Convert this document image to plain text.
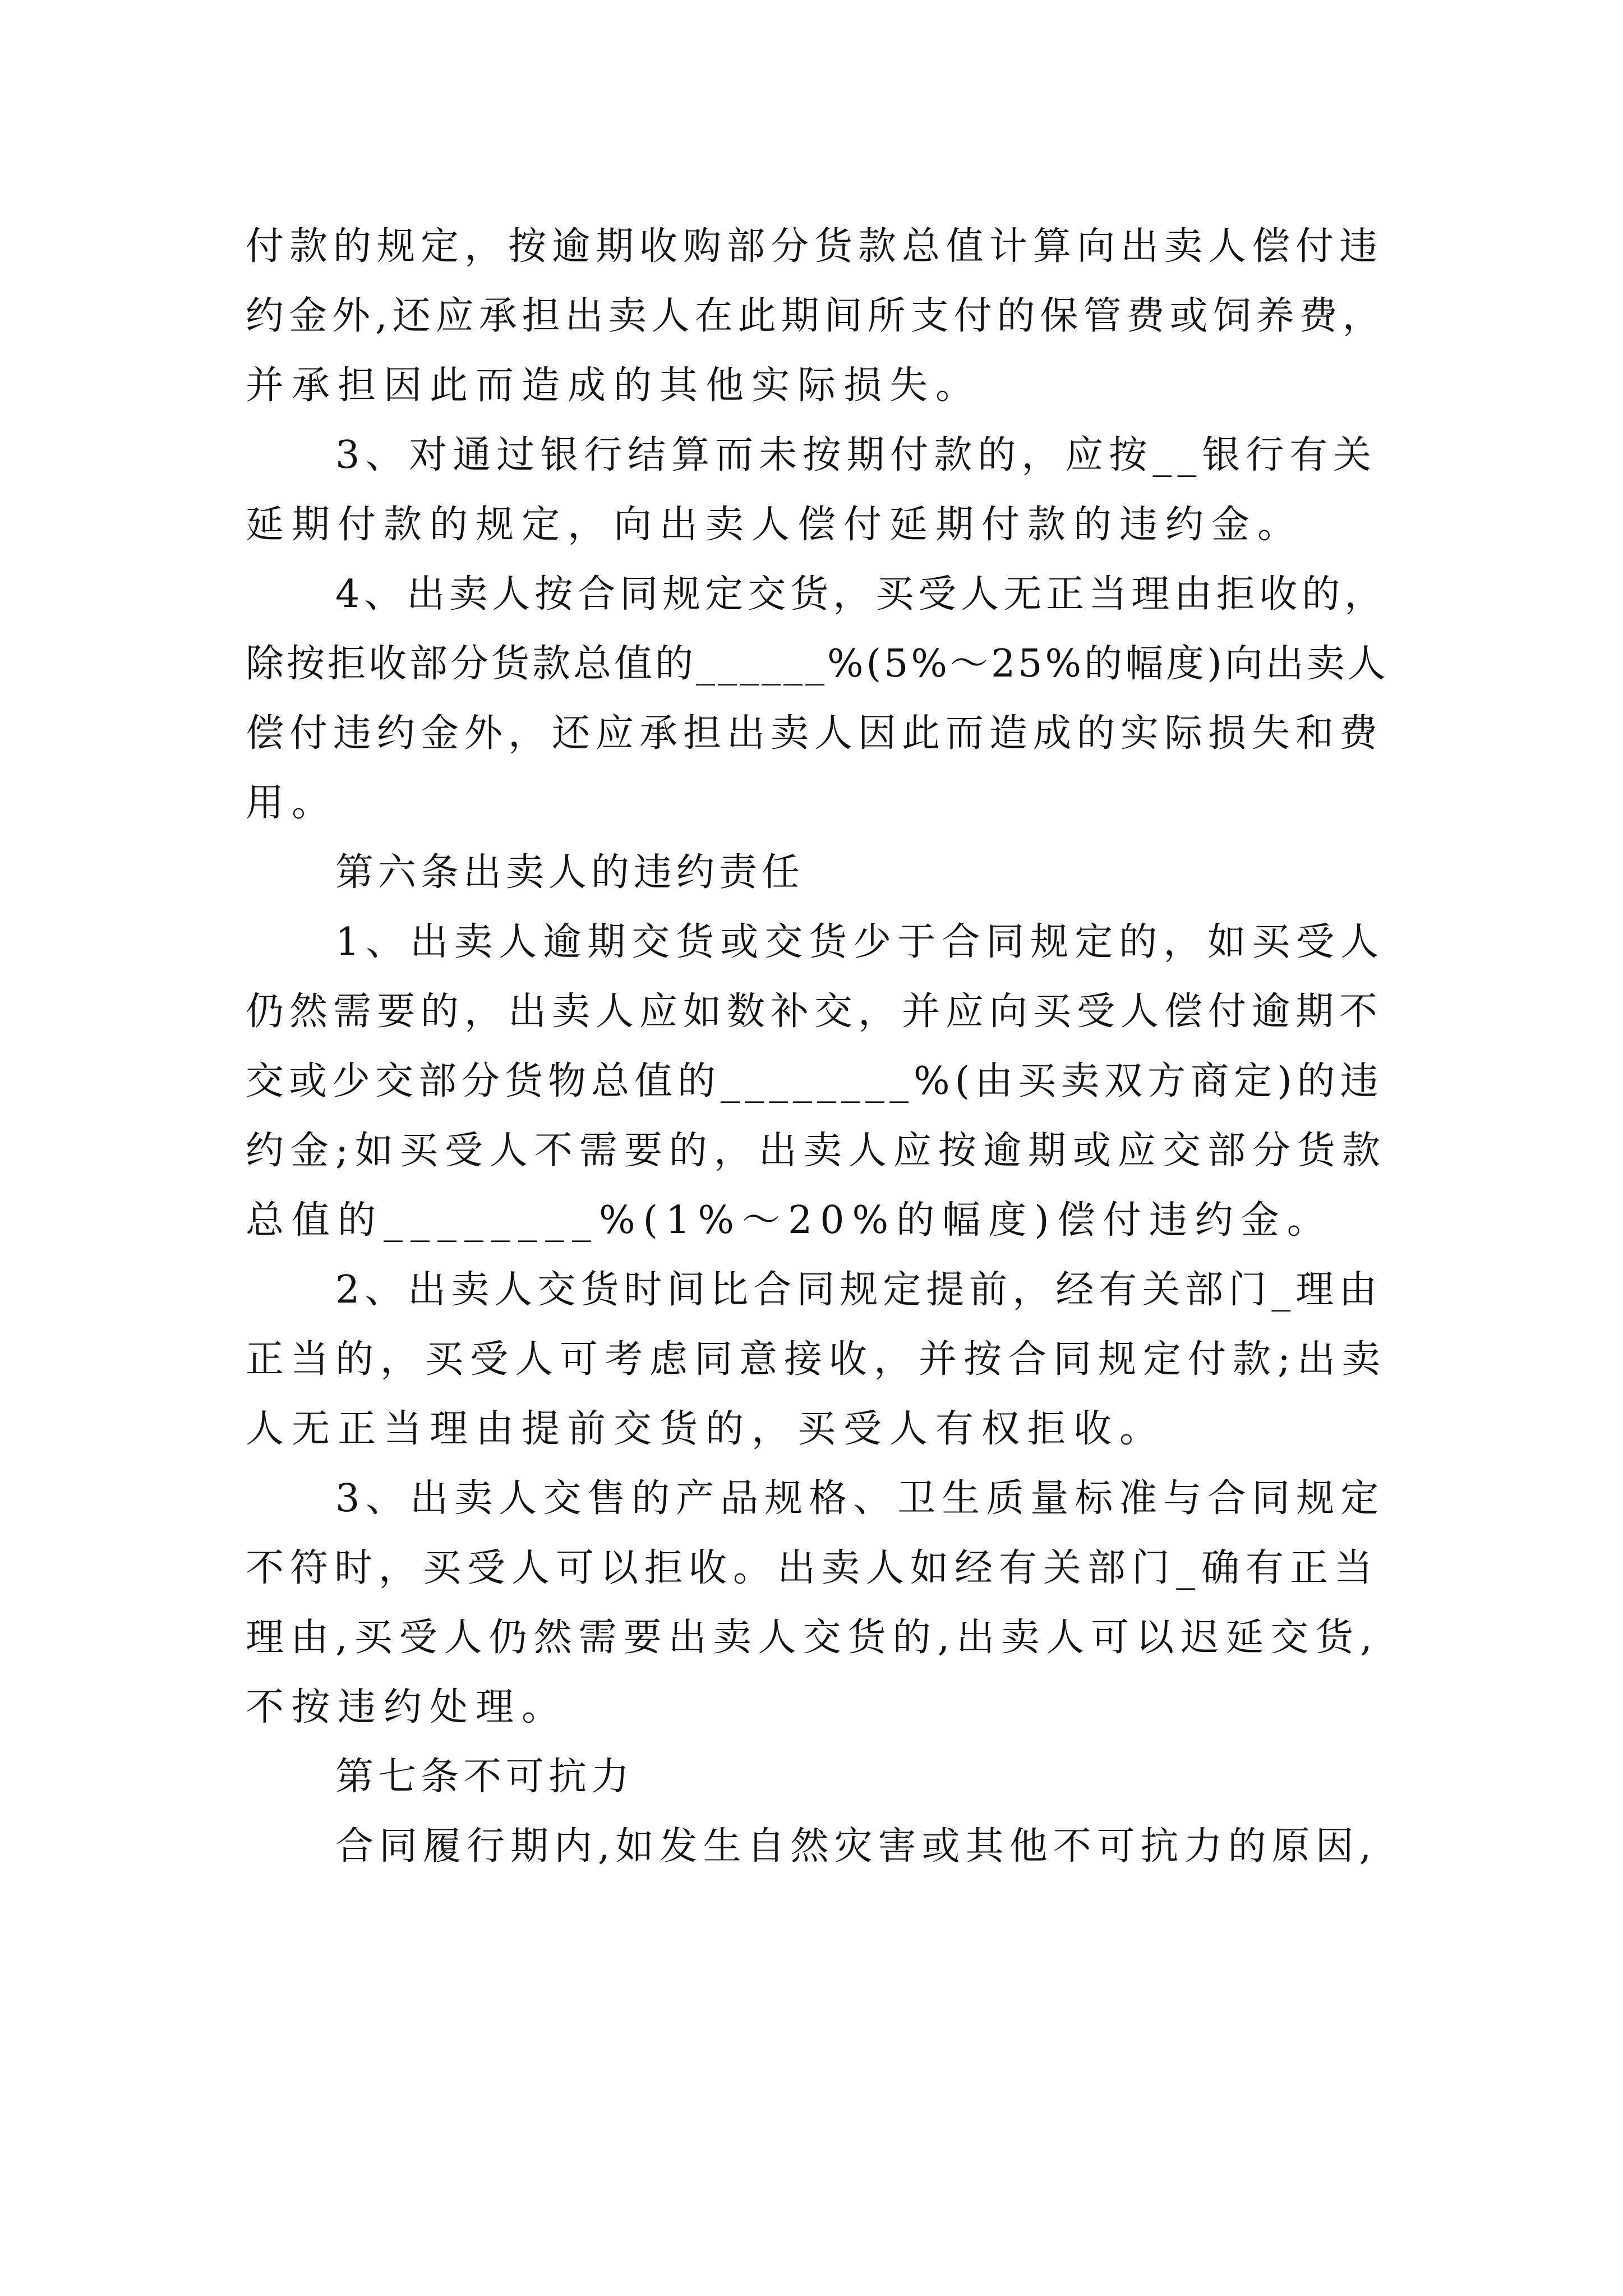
付款的规定，按逾期收购部分货款总值计算向出卖人偿付违
约金外,还应承担出卖人在此期间所支付的保管费或饲养费，
并承担因此而造成的其他实际损失。
3、对通过银行结算而未按期付款的，应按__银行有关
延期付款的规定，向出卖人偿付延期付款的违约金。
4、出卖人按合同规定交货，买受人无正当理由拒收的，
除按拒收部分货款总值的______%(5%～25%的幅度)向出卖人
偿付违约金外，还应承担出卖人因此而造成的实际损失和费
用。
第六条出卖人的违约责任
1、出卖人逾期交货或交货少于合同规定的，如买受人
仍然需要的，出卖人应如数补交，并应向买受人偿付逾期不
交或少交部分货物总值的________%(由买卖双方商定)的违
约金;如买受人不需要的，出卖人应按逾期或应交部分货款
总值的________%(1%～20%的幅度)偿付违约金。
2、出卖人交货时间比合同规定提前，经有关部门_理由
正当的，买受人可考虑同意接收，并按合同规定付款;出卖
人无正当理由提前交货的，买受人有权拒收。
3、出卖人交售的产品规格、卫生质量标准与合同规定
不符时，买受人可以拒收。出卖人如经有关部门_确有正当
理由,买受人仍然需要出卖人交货的,出卖人可以迟延交货,
不按违约处理。
第七条不可抗力
合同履行期内,如发生自然灾害或其他不可抗力的原因,
